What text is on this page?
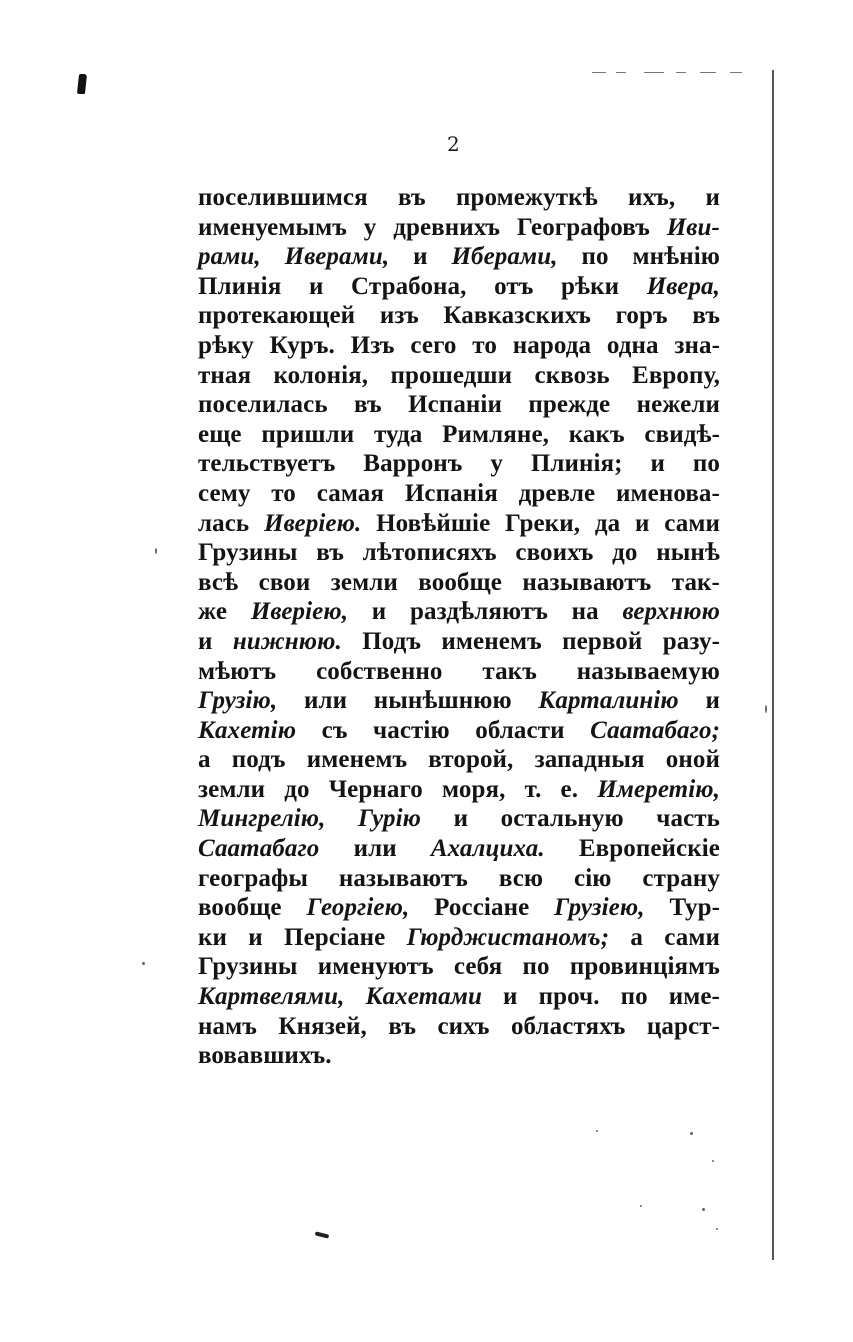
2
поселившимся въ промежуткѣ ихъ, и
именуемымъ у древнихъ Географовъ Иви-
рами, Иверами, и Иберами, по мнѣнію
Плинія и Страбона, отъ рѣки Ивера,
протекающей изъ Кавказскихъ горъ въ
рѣку Куръ. Изъ сего то народа одна зна-
тная колонія, прошедши сквозь Европу,
поселилась въ Испаніи прежде нежели
еще пришли туда Римляне, какъ свидѣ-
тельствуетъ Варронъ у Плинія; и по
сему то самая Испанія древле именова-
лась Иверіею. Новѣйшіе Греки, да и сами
Грузины въ лѣтописяхъ своихъ до нынѣ
всѣ свои земли вообще называютъ так-
же Иверіею, и раздѣляютъ на верхнюю
и нижнюю. Подъ именемъ первой разу-
мѣютъ собственно такъ называемую
Грузію, или нынѣшнюю Карталинію и
Кахетію съ частію области Саатабаго;
а подъ именемъ второй, западныя оной
земли до Чернаго моря, т. е. Имеретію,
Мингрелію, Гурію и остальную часть
Саатабаго или Ахалциха. Европейскіе
географы называютъ всю сію страну
вообще Георгіею, Россіане Грузіею, Тур-
ки и Персіане Гюрджистаномъ; а сами
Грузины именуютъ себя по провинціямъ
Картвелями, Кахетами и проч. по име-
намъ Князей, въ сихъ областяхъ царст-
вовавшихъ.
